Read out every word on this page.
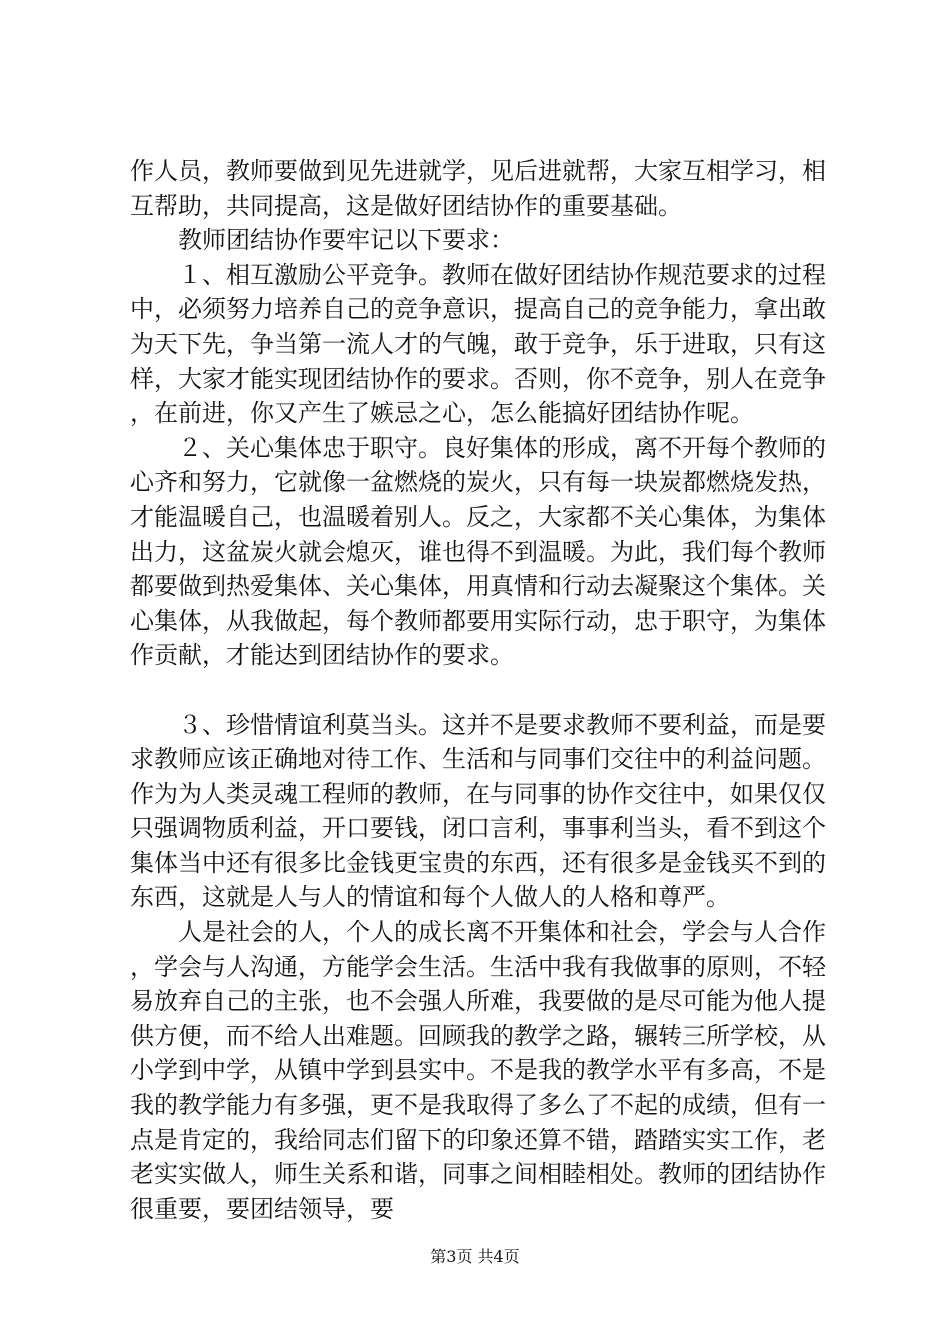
作人员，教师要做到见先进就学，见后进就帮，大家互相学习，相互帮助，共同提高，这是做好团结协作的重要基础。

教师团结协作要牢记以下要求：

１、相互激励公平竞争。教师在做好团结协作规范要求的过程中，必须努力培养自己的竞争意识，提高自己的竞争能力，拿出敢为天下先，争当第一流人才的气魄，敢于竞争，乐于进取，只有这样，大家才能实现团结协作的要求。否则，你不竞争，别人在竞争，在前进，你又产生了嫉忌之心，怎么能搞好团结协作呢。

２、关心集体忠于职守。良好集体的形成，离不开每个教师的心齐和努力，它就像一盆燃烧的炭火，只有每一块炭都燃烧发热，才能温暖自己，也温暖着别人。反之，大家都不关心集体，为集体出力，这盆炭火就会熄灭，谁也得不到温暖。为此，我们每个教师都要做到热爱集体、关心集体，用真情和行动去凝聚这个集体。关心集体，从我做起，每个教师都要用实际行动，忠于职守，为集体作贡献，才能达到团结协作的要求。

３、珍惜情谊利莫当头。这并不是要求教师不要利益，而是要求教师应该正确地对待工作、生活和与同事们交往中的利益问题。作为为人类灵魂工程师的教师，在与同事的协作交往中，如果仅仅只强调物质利益，开口要钱，闭口言利，事事利当头，看不到这个集体当中还有很多比金钱更宝贵的东西，还有很多是金钱买不到的东西，这就是人与人的情谊和每个人做人的人格和尊严。

人是社会的人，个人的成长离不开集体和社会，学会与人合作，学会与人沟通，方能学会生活。生活中我有我做事的原则，不轻易放弃自己的主张，也不会强人所难，我要做的是尽可能为他人提供方便，而不给人出难题。回顾我的教学之路，辗转三所学校，从小学到中学，从镇中学到县实中。不是我的教学水平有多高，不是我的教学能力有多强，更不是我取得了多么了不起的成绩，但有一点是肯定的，我给同志们留下的印象还算不错，踏踏实实工作，老老实实做人，师生关系和谐，同事之间相睦相处。教师的团结协作很重要，要团结领导，要

第3页 共4页
